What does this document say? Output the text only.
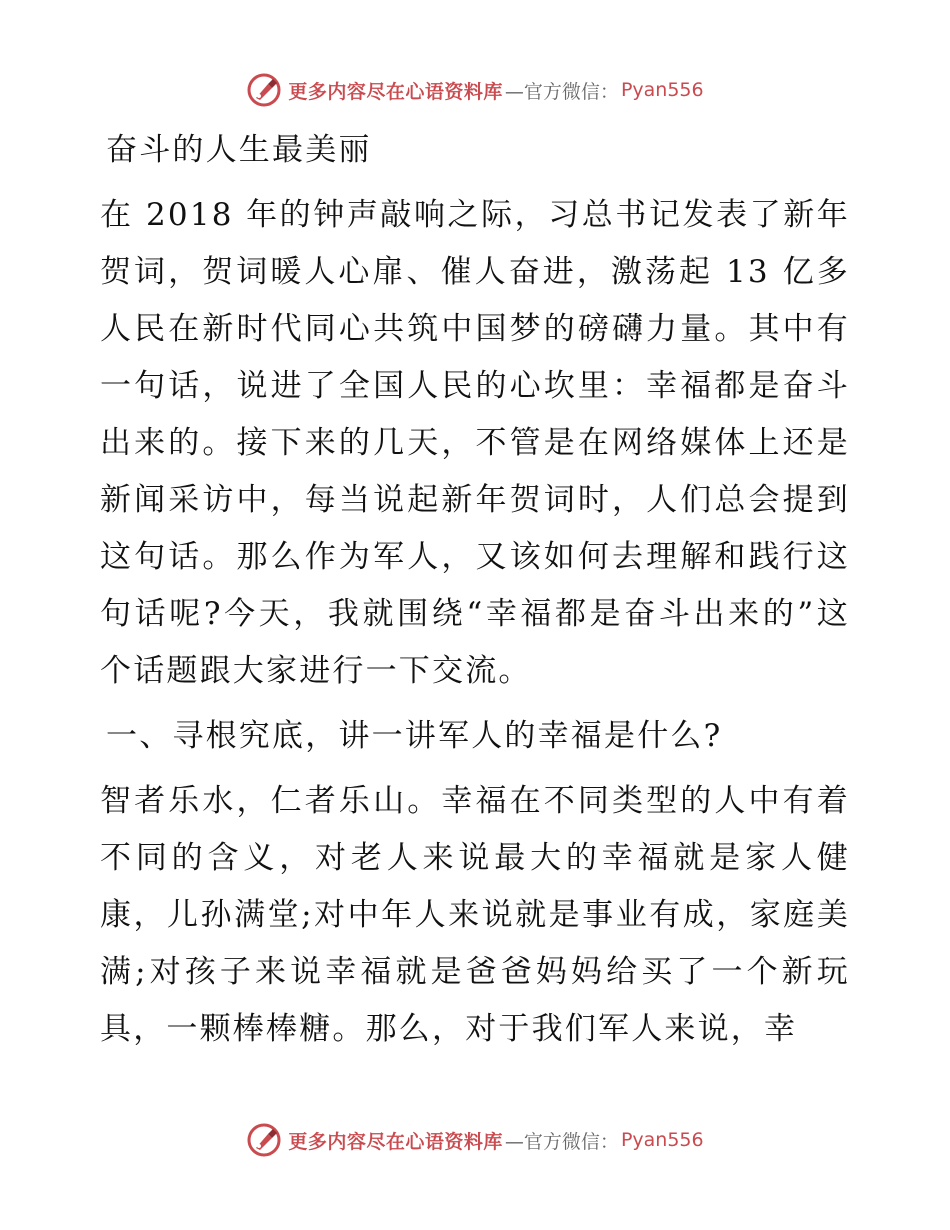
更多内容尽在心语资料库 —官方微信： Pyan556

奋斗的人生最美丽

在 2018 年的钟声敲响之际，习总书记发表了新年贺词，贺词暖人心扉、催人奋进，激荡起 13 亿多人民在新时代同心共筑中国梦的磅礴力量。其中有一句话，说进了全国人民的心坎里：幸福都是奋斗出来的。接下来的几天，不管是在网络媒体上还是新闻采访中，每当说起新年贺词时，人们总会提到这句话。那么作为军人，又该如何去理解和践行这句话呢?今天，我就围绕“幸福都是奋斗出来的”这个话题跟大家进行一下交流。

一、寻根究底，讲一讲军人的幸福是什么?

智者乐水，仁者乐山。幸福在不同类型的人中有着不同的含义，对老人来说最大的幸福就是家人健康，儿孙满堂;对中年人来说就是事业有成，家庭美满;对孩子来说幸福就是爸爸妈妈给买了一个新玩具，一颗棒棒糖。那么，对于我们军人来说，幸

更多内容尽在心语资料库 —官方微信： Pyan556
